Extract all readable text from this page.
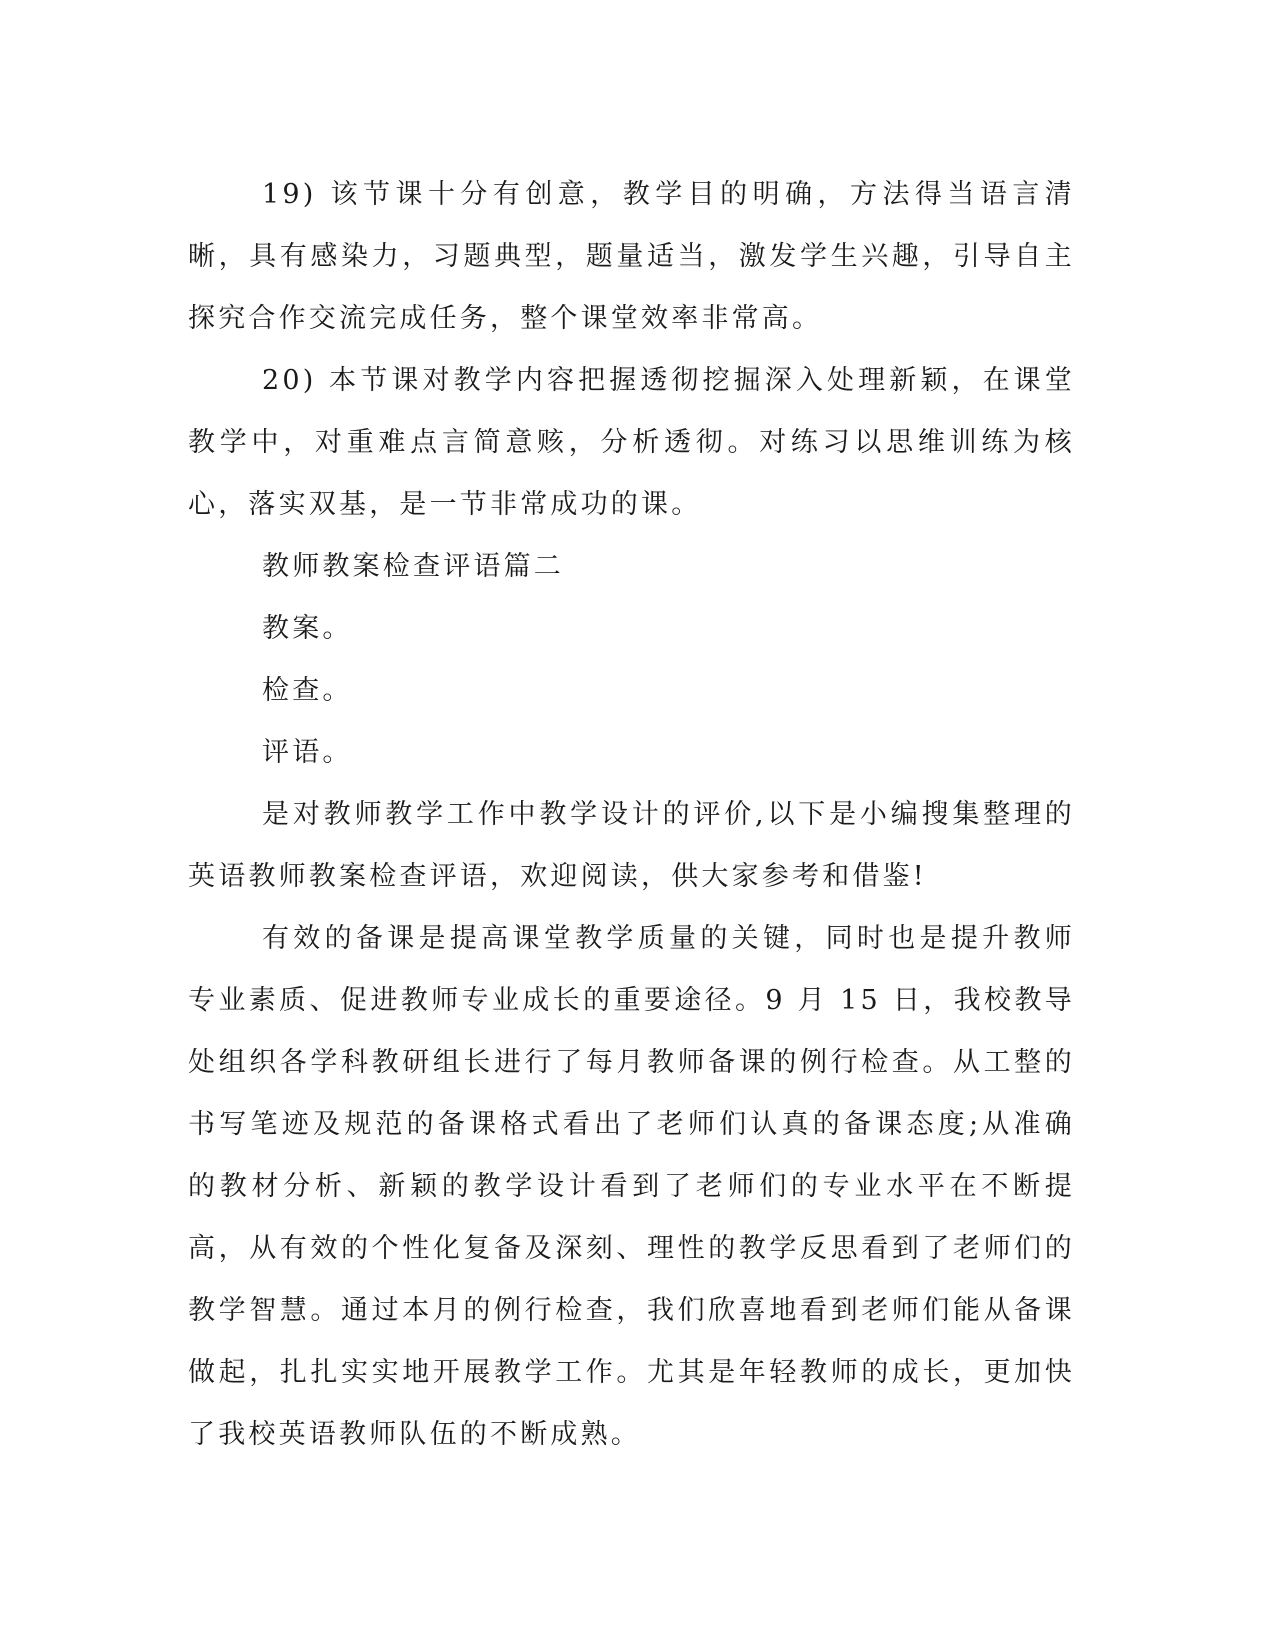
19) 该节课十分有创意，教学目的明确，方法得当语言清晰，具有感染力，习题典型，题量适当，激发学生兴趣，引导自主探究合作交流完成任务，整个课堂效率非常高。

20) 本节课对教学内容把握透彻挖掘深入处理新颖，在课堂教学中，对重难点言简意赅，分析透彻。对练习以思维训练为核心，落实双基，是一节非常成功的课。

教师教案检查评语篇二

教案。

检查。

评语。

是对教师教学工作中教学设计的评价,以下是小编搜集整理的英语教师教案检查评语，欢迎阅读，供大家参考和借鉴!

有效的备课是提高课堂教学质量的关键，同时也是提升教师专业素质、促进教师专业成长的重要途径。9 月 15 日，我校教导处组织各学科教研组长进行了每月教师备课的例行检查。从工整的书写笔迹及规范的备课格式看出了老师们认真的备课态度;从准确的教材分析、新颖的教学设计看到了老师们的专业水平在不断提高，从有效的个性化复备及深刻、理性的教学反思看到了老师们的教学智慧。通过本月的例行检查，我们欣喜地看到老师们能从备课做起，扎扎实实地开展教学工作。尤其是年轻教师的成长，更加快了我校英语教师队伍的不断成熟。
